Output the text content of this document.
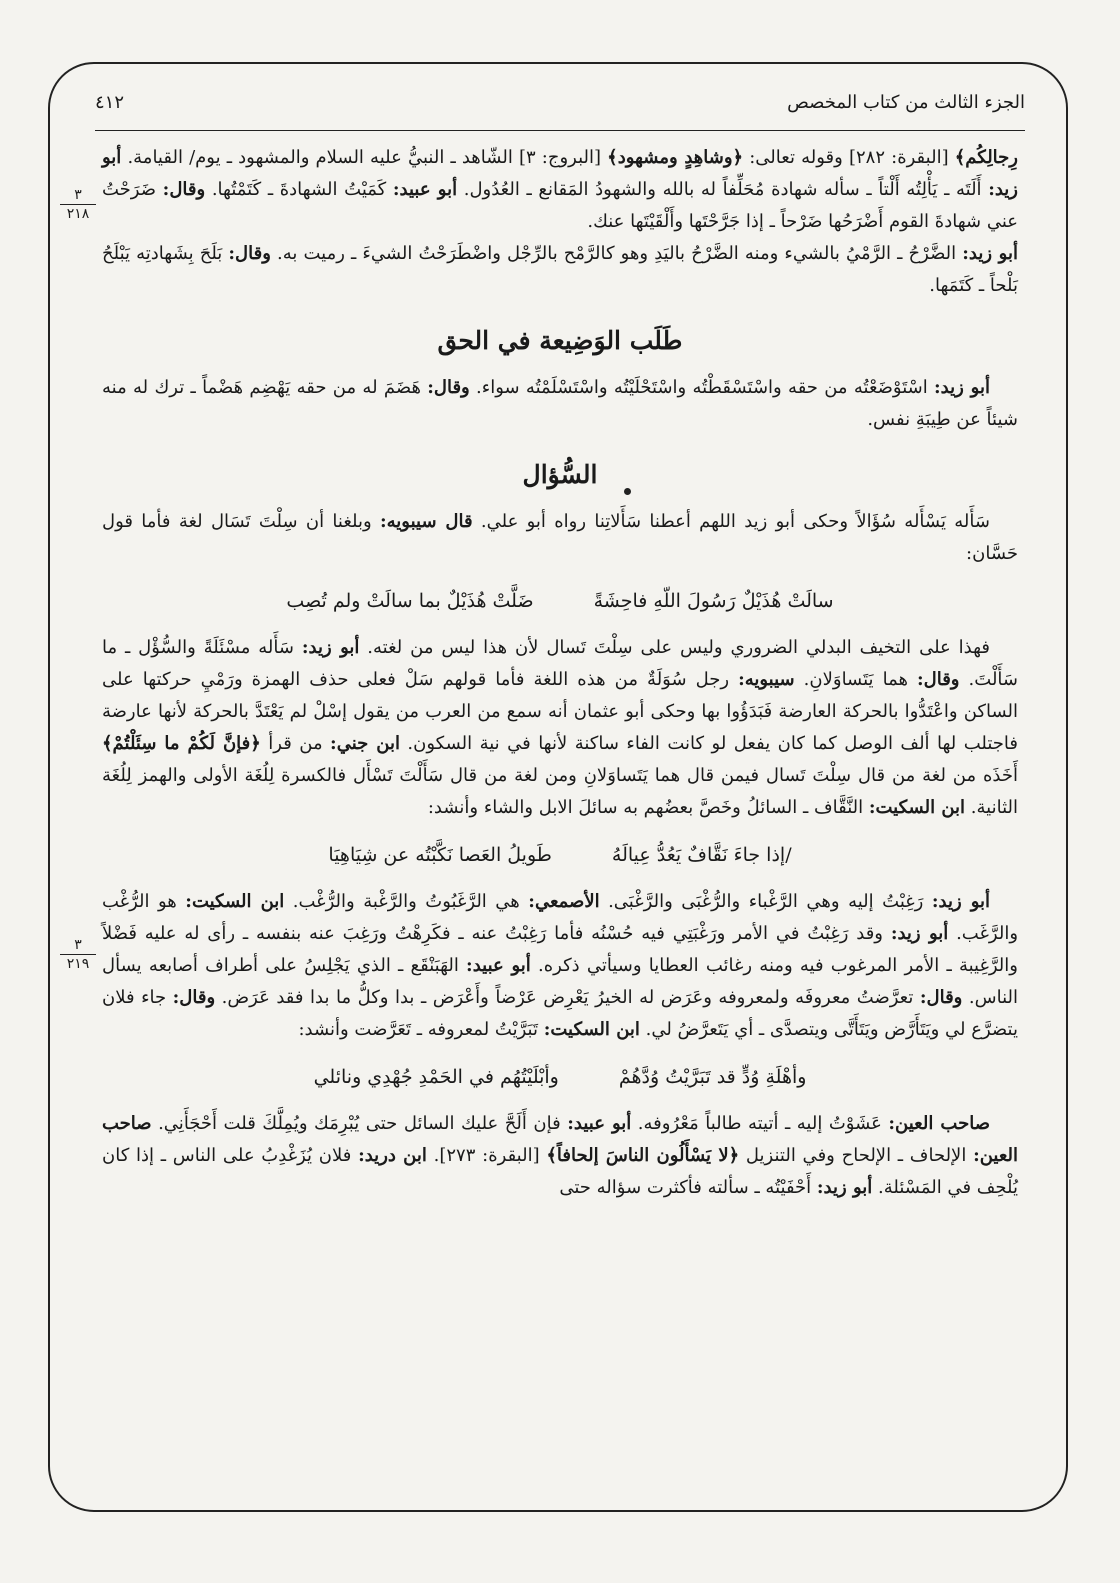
الجزء الثالث من كتاب المخصص
٤١٢
٣
٢١٨
٣
٢١٩

رِجالِكُم﴾ [البقرة: ٢٨٢] وقوله تعالى: ﴿وشاهِدٍ ومشهود﴾ [البروج: ٣] الشّاهد ـ النبيُّ عليه السلام والمشهود ـ يوم/ القيامة. أبو زيد: أَلَتَه ـ يَأْلِتُه أَلْتاً ـ سأله شهادة مُحَلِّفاً له بالله والشهودُ المَقانع ـ العُدُول. أبو عبيد: كَمَيْتُ الشهادةَ ـ كَتَمْتُها. وقال: ضَرَحْتُ عني شهادةَ القوم أَضْرَحُها ضَرْحاً ـ إذا جَرَّحْتَها وأَلْقَيْتَها عنك.

أبو زيد: الضَّرْحُ ـ الرَّمْيُ بالشيء ومنه الضَّرْحُ باليَدِ وهو كالرَّمْح بالرِّجْل واضْطَرَحْتُ الشيءَ ـ رميت به. وقال: بَلَحَ بِشَهادتِه يَبْلَحُ بَلْحاً ـ كَتَمَها.

طَلَب الوَضِيعة في الحق

أبو زيد: اسْتَوْضَعْتُه من حقه واسْتَسْقَطْتُه واسْتَحْلَيْتُه واسْتَسْلَمْتُه سواء. وقال: هَضَمَ له من حقه يَهْضِم هَضْماً ـ ترك له منه شيئاً عن طِيبَةِ نفس.

السُّؤال

سَأَله يَسْأَله سُؤَالاً وحكى أبو زيد اللهم أعطنا سَأَلاتِنا رواه أبو علي. قال سيبويه: وبلغنا أن سِلْتَ تَسَال لغة فأما قول حَسَّان:

سالَتْ هُذَيْلٌ رَسُولَ اللّهِ فاحِشَةً
ضَلَّتْ هُذَيْلٌ بما سالَتْ ولم تُصِب

فهذا على التخيف البدلي الضروري وليس على سِلْتَ تَسال لأن هذا ليس من لغته. أبو زيد: سَأَله مسْئَلَةً والسُّؤْل ـ ما سَأَلْتَ. وقال: هما يَتَساوَلانِ. سيبويه: رجل سُوَلَةٌ من هذه اللغة فأما قولهم سَلْ فعلى حذف الهمزة ورَمْيِ حركتها على الساكن واعْتَدُّوا بالحركة العارضة فَبَدَؤُوا بها وحكى أبو عثمان أنه سمع من العرب من يقول إسْلْ لم يَعْتَدَّ بالحركة لأنها عارضة فاجتلب لها ألف الوصل كما كان يفعل لو كانت الفاء ساكنة لأنها في نية السكون. ابن جني: من قرأ ﴿فإنَّ لَكُمْ ما سِئَلْتُمْ﴾ أَخَذَه من لغة من قال سِلْتَ تَسال فيمن قال هما يَتَساوَلانِ ومن لغة من قال سَأَلْتَ تَسْأَل فالكسرة لِلُغَة الأولى والهمز لِلُغَة الثانية. ابن السكيت: النَّقَّاف ـ السائلُ وخَصَّ بعضُهم به سائلَ الابل والشاء وأنشد:

/إذا جاءَ نَقَّافٌ يَعُدُّ عِيالَهُ
طَويلُ العَصا نَكَّبْتُه عن شِيَاهِيَا

أبو زيد: رَغِبْتُ إليه وهي الرَّغْباء والرُّغْبَى والرَّغْبَى. الأصمعي: هي الرَّغَبُوتُ والرَّغْبة والرُّغْب. ابن السكيت: هو الرُّغْب والرَّغَب. أبو زيد: وقد رَغِبْتُ في الأمر ورَغْبَتِي فيه حُسْنُه فأما رَغِبْتُ عنه ـ فكَرِهْتُ ورَغِبَ عنه بنفسه ـ رأى له عليه فَضْلاً والرَّغِيبة ـ الأمر المرغوب فيه ومنه رغائب العطايا وسيأتي ذكره. أبو عبيد: الهَبَنْقَع ـ الذي يَجْلِسُ على أطراف أصابعه يسأل الناس. وقال: تعرَّضتُ معروفَه ولمعروفه وعَرَض له الخيرُ يَعْرِض عَرْضاً وأَعْرَض ـ بدا وكلُّ ما بدا فقد عَرَض. وقال: جاء فلان يتضرَّع لي ويَتَأَرَّض ويَتَأَتَّى ويتصدَّى ـ أي يَتَعرَّضُ لي. ابن السكيت: تَبَرَّيْتُ لمعروفه ـ تَعَرَّضت وأنشد:

وأهْلَةِ وُدٍّ قد تَبَرَّيْتُ وُدَّهُمْ
وأبْلَيْتُهُم في الحَمْدِ جُهْدِي ونائلي

صاحب العين: عَشَوْتُ إليه ـ أتيته طالباً مَعْرُوفه. أبو عبيد: فإن أَلَحَّ عليك السائل حتى يُبْرِمَك ويُمِلَّكَ قلت أَحْجَأَنِي. صاحب العين: الإلحاف ـ الإلحاح وفي التنزيل ﴿لا يَسْأَلُون الناسَ إلحافاً﴾ [البقرة: ٢٧٣]. ابن دريد: فلان يُزَغْدِبُ على الناس ـ إذا كان يُلْحِف في المَسْئلة. أبو زيد: أَحْفَيْتُه ـ سألته فأكثرت سؤاله حتى
